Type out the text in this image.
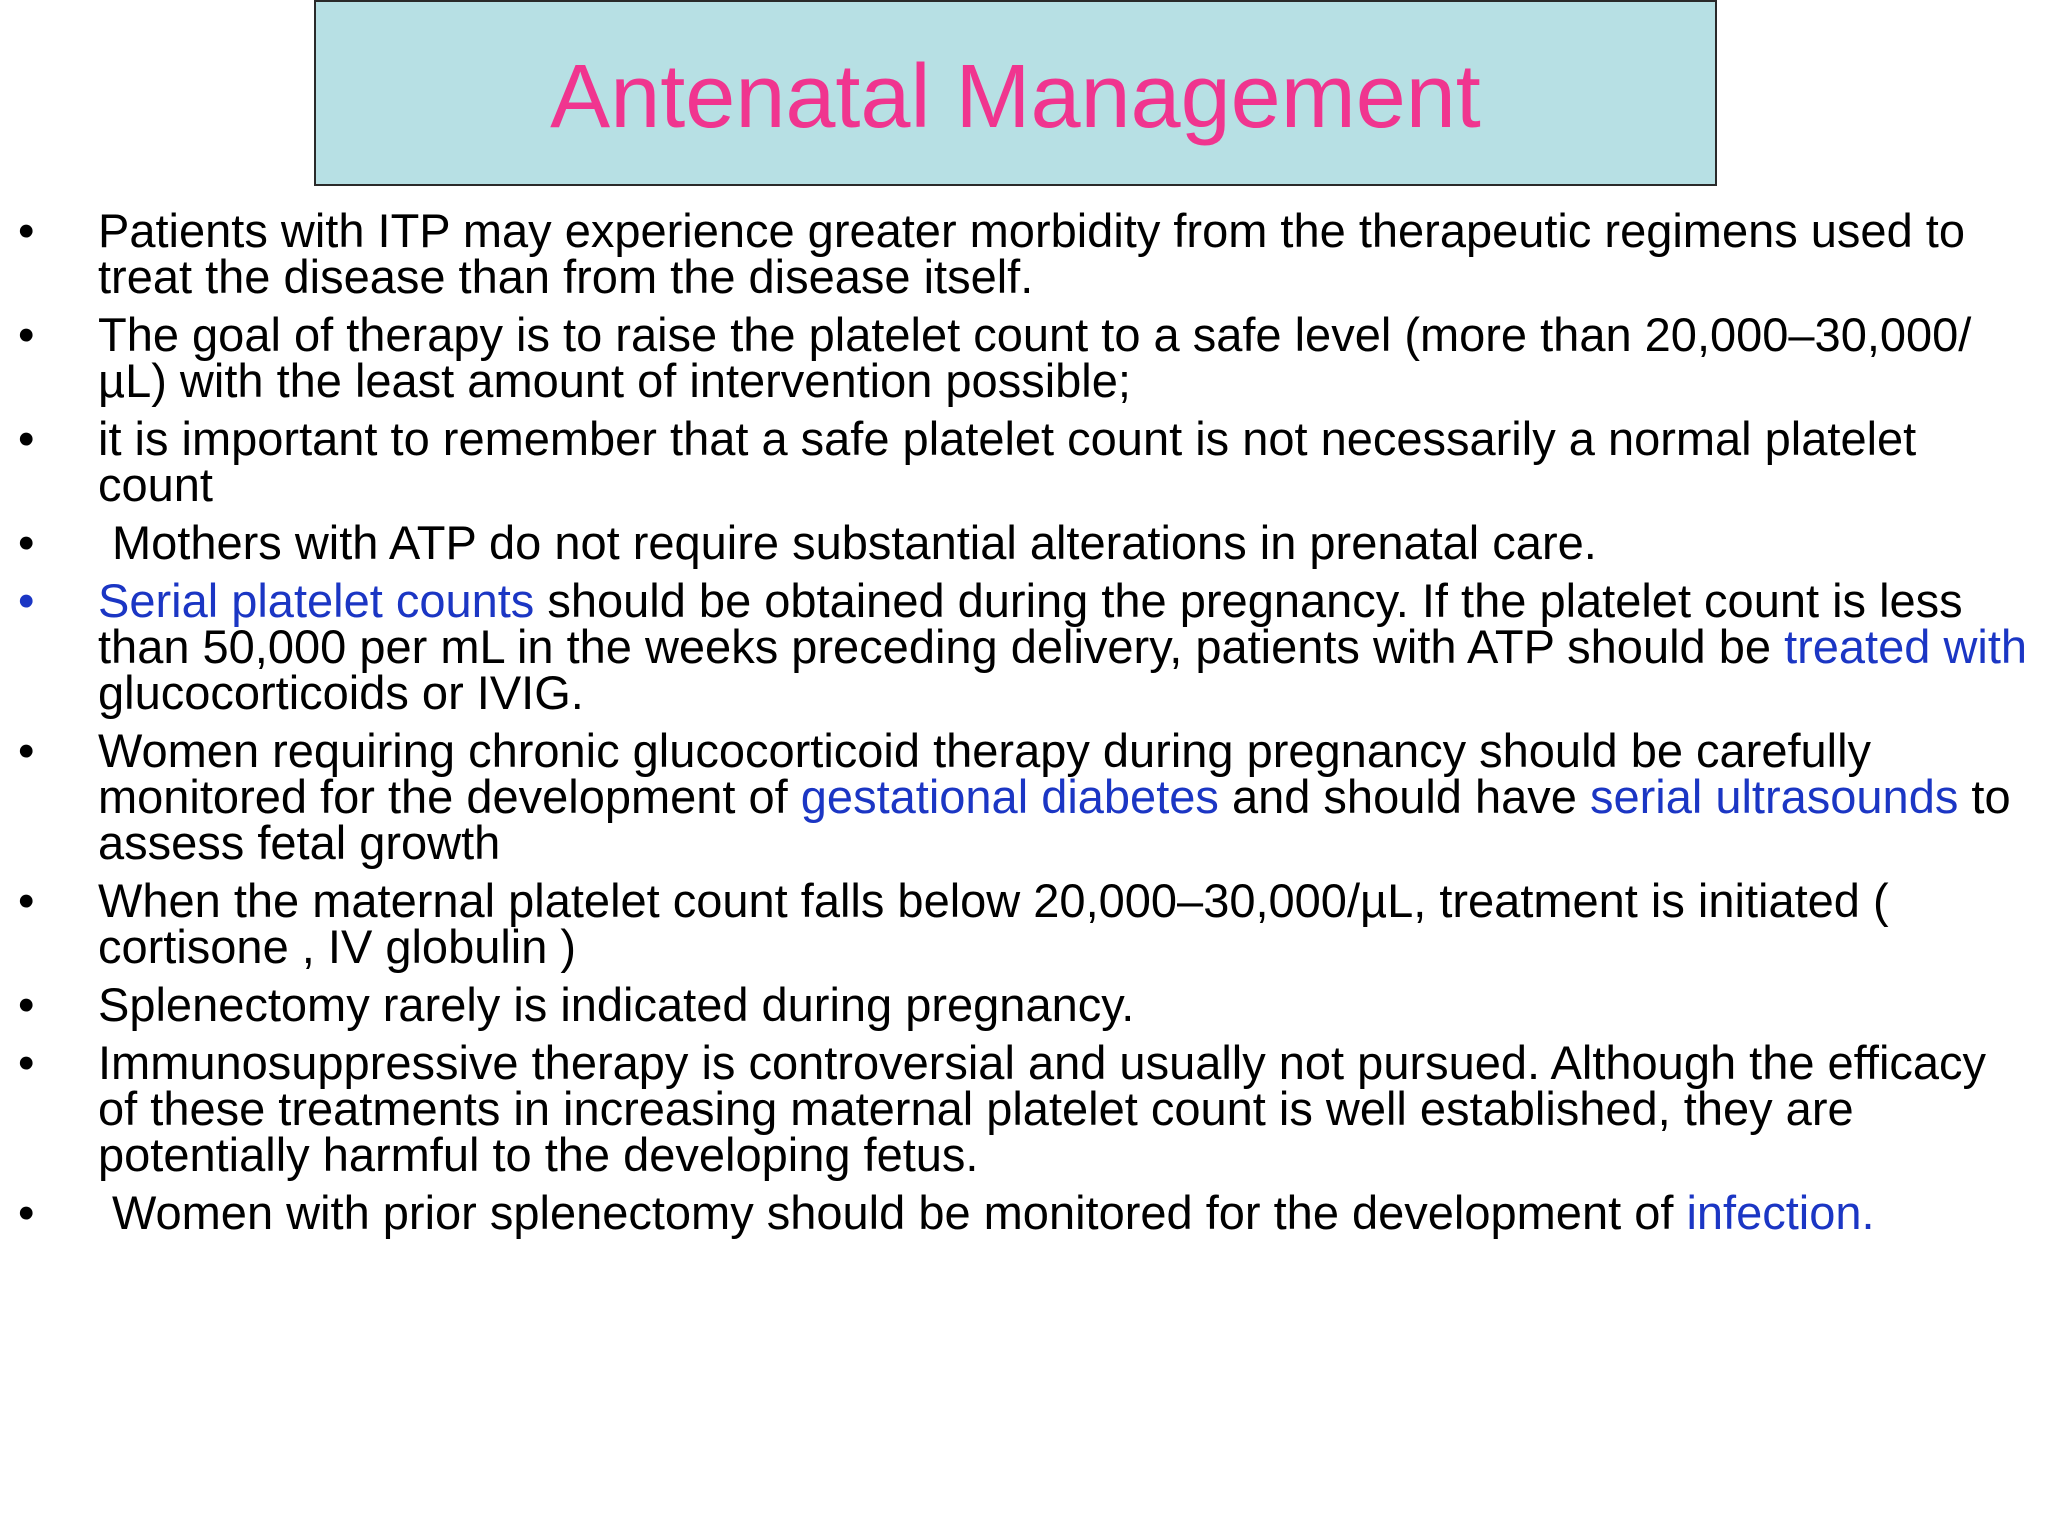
Antenatal Management
•	Patients with ITP may experience greater morbidity from the therapeutic regimens used to treat the disease than from the disease itself.
•	The goal of therapy is to raise the platelet count to a safe level (more than 20,000–30,000/µL) with the least amount of intervention possible;
•	it is important to remember that a safe platelet count is not necessarily a normal platelet count
•	Mothers with ATP do not require substantial alterations in prenatal care.
•	Serial platelet counts should be obtained during the pregnancy. If the platelet count is less than 50,000 per mL in the weeks preceding delivery, patients with ATP should be treated with glucocorticoids or IVIG.
•	Women requiring chronic glucocorticoid therapy during pregnancy should be carefully monitored for the development of gestational diabetes and should have serial ultrasounds to assess fetal growth
•	When the maternal platelet count falls below 20,000–30,000/µL, treatment is initiated ( cortisone , IV globulin )
•	Splenectomy rarely is indicated during pregnancy.
•	Immunosuppressive therapy is controversial and usually not pursued. Although the efficacy of these treatments in increasing maternal platelet count is well established, they are potentially harmful to the developing fetus.
•	Women with prior splenectomy should be monitored for the development of infection.
